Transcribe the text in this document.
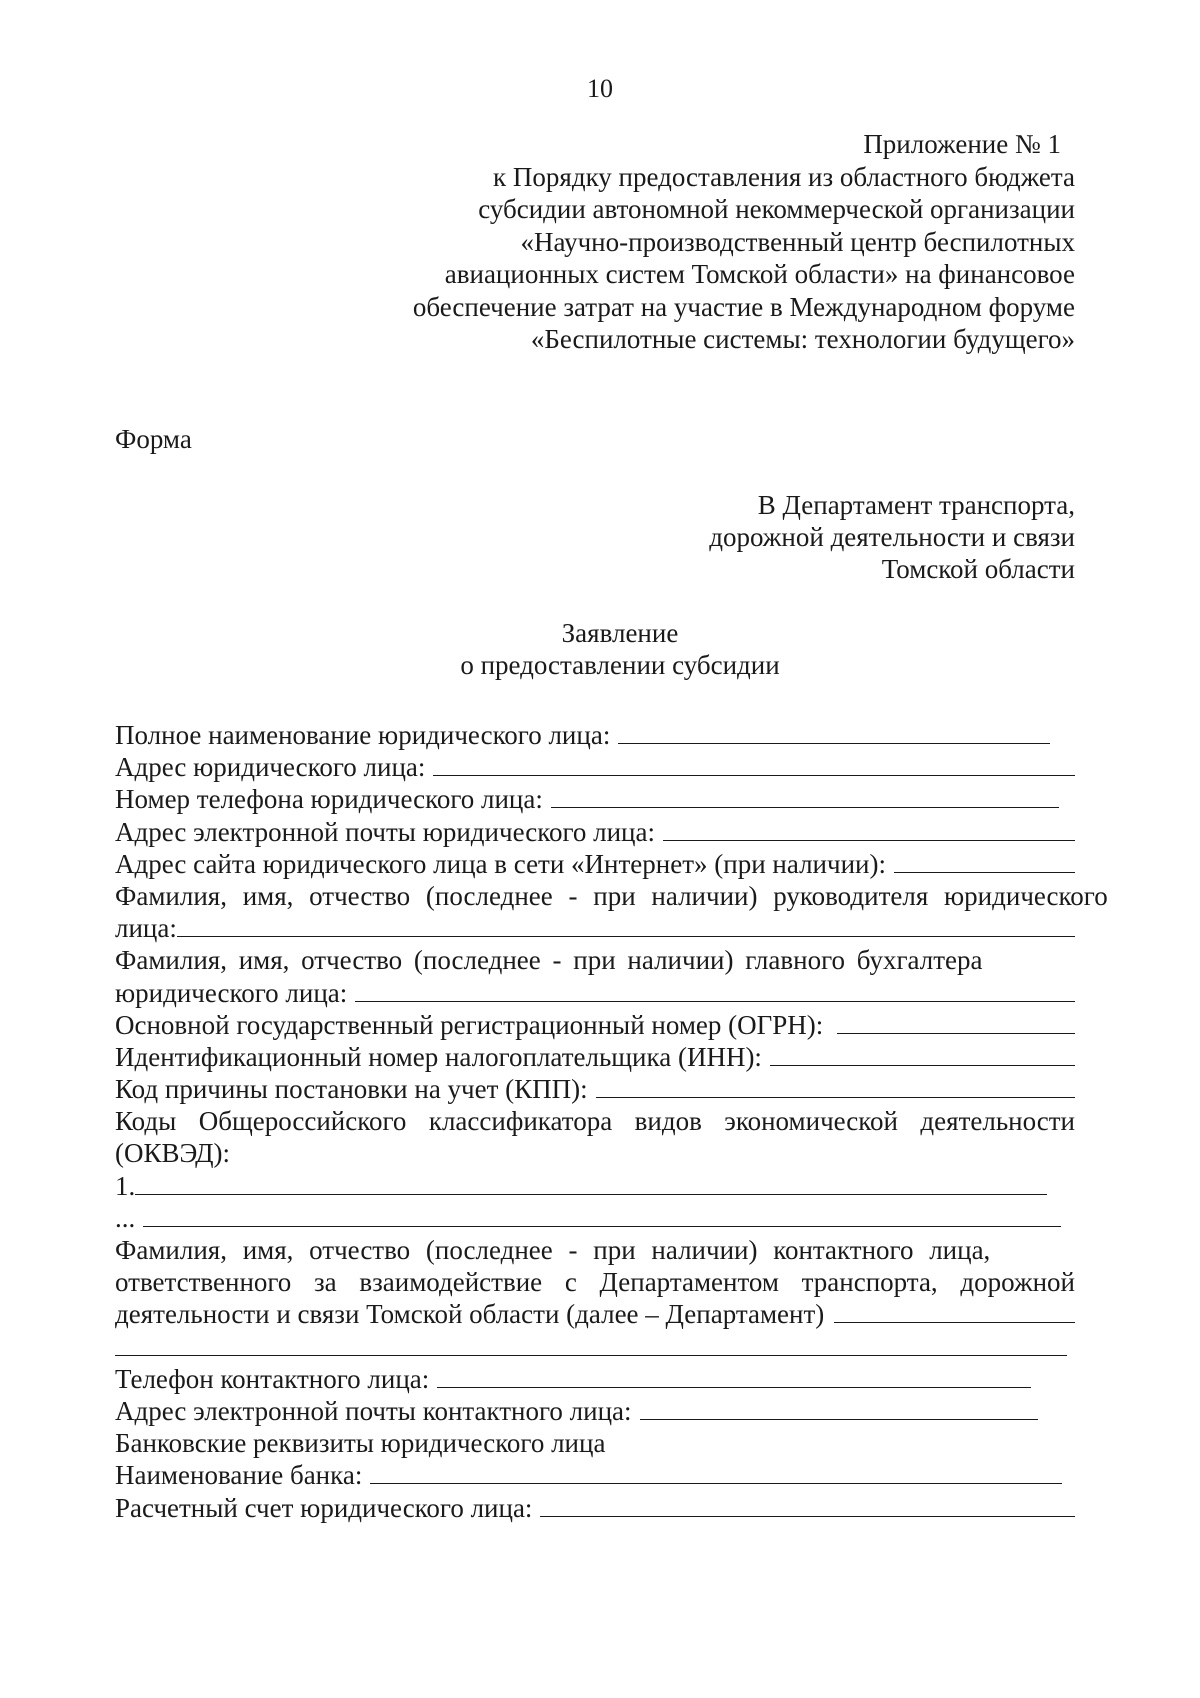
10
Приложение № 1
к Порядку предоставления из областного бюджета
субсидии автономной некоммерческой организации
«Научно-производственный центр беспилотных
авиационных систем Томской области» на финансовое
обеспечение затрат на участие в Международном форуме
«Беспилотные системы: технологии будущего»
Форма
В Департамент транспорта,
дорожной деятельности и связи
Томской области
Заявление
о предоставлении субсидии
Полное наименование юридического лица:
Адрес юридического лица:
Номер телефона юридического лица:
Адрес электронной почты юридического лица:
Адрес сайта юридического лица в сети «Интернет» (при наличии):
Фамилия, имя, отчество (последнее - при наличии) руководителя юридического
лица:
Фамилия, имя, отчество (последнее - при наличии) главного бухгалтера
юридического лица:
Основной государственный регистрационный номер (ОГРН):
Идентификационный номер налогоплательщика (ИНН):
Код причины постановки на учет (КПП):
Коды Общероссийского классификатора видов экономической деятельности
(ОКВЭД):
1.
...
Фамилия, имя, отчество (последнее - при наличии) контактного лица,
ответственного за взаимодействие с Департаментом транспорта, дорожной
деятельности и связи Томской области (далее – Департамент)
Телефон контактного лица:
Адрес электронной почты контактного лица:
Банковские реквизиты юридического лица
Наименование банка:
Расчетный счет юридического лица:
